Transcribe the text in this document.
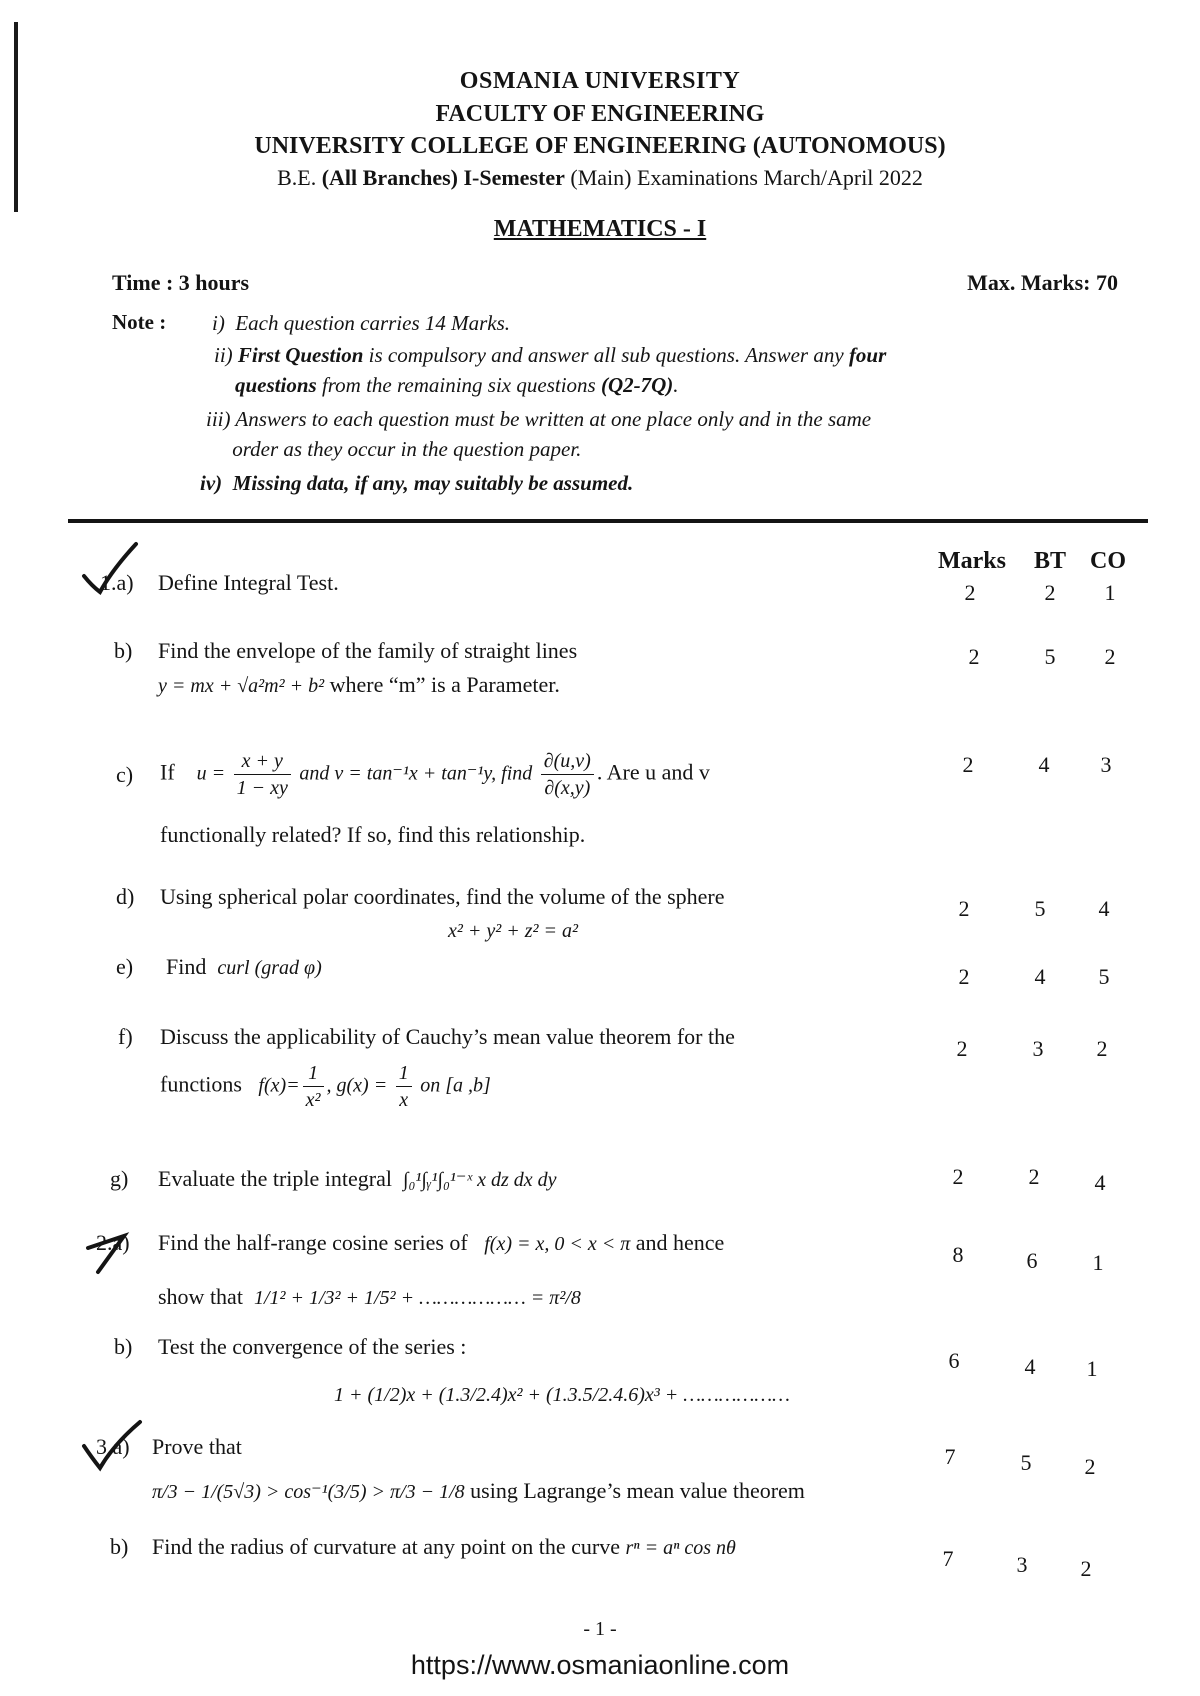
OSMANIA UNIVERSITY
FACULTY OF ENGINEERING
UNIVERSITY COLLEGE OF ENGINEERING (AUTONOMOUS)
B.E. (All Branches) I-Semester (Main) Examinations March/April 2022
MATHEMATICS - I
Time : 3 hours	Max. Marks: 70
Note : i) Each question carries 14 Marks.
ii) First Question is compulsory and answer all sub questions. Answer any four
questions from the remaining six questions (Q2-7Q).
iii) Answers to each question must be written at one place only and in the same
order as they occur in the question paper.
iv) Missing data, if any, may suitably be assumed.
Marks BT CO
1.a) Define Integral Test.	2	2	1
b) Find the envelope of the family of straight lines
y = mx + √a²m² + b² where “m” is a Parameter.
2	5	2
c) If $u = \frac{x + y}{1 - xy}$ and v = tan⁻¹x + tan⁻¹y, find $\frac{\partial(u,v)}{\partial(x,y)}$ . Are u and v
functionally related? If so, find this relationship.
2	4	3
d) Using spherical polar coordinates, find the volume of the sphere
x² + y² + z² = a²
2	5	4
e) Find curl (grad φ)	2	4	5
f) Discuss the applicability of Cauchy’s mean value theorem for the
functions $f(x)= \frac{1}{\text{x²}}$ , $g(x) = \frac{1}{x}$ on [a ,b]
2	3	2
g) Evaluate the triple integral ∫₀¹∫ᵧ¹∫₀¹⁻ˣ x dz dx dy	2	2	4
2.a) Find the half-range cosine series of f(x) = x, 0 < x < π and hence
show that 1/1² + 1/3² + 1/5² + ……………… = π²/8
8	6	1
b) Test the convergence of the series :
1 + (1/2)x + (1.3/2.4)x² + (1.3.5/2.4.6)x³ + ………………
6	4	1
3.a) Prove that
π/3 − 1/(5√3) > cos⁻¹(3/5) > π/3 − 1/8 using Lagrange’s mean value theorem
7	5	2
b) Find the radius of curvature at any point on the curve rⁿ = aⁿ cos nθ	7	3	2
- 1 -
https://www.osmaniaonline.com
